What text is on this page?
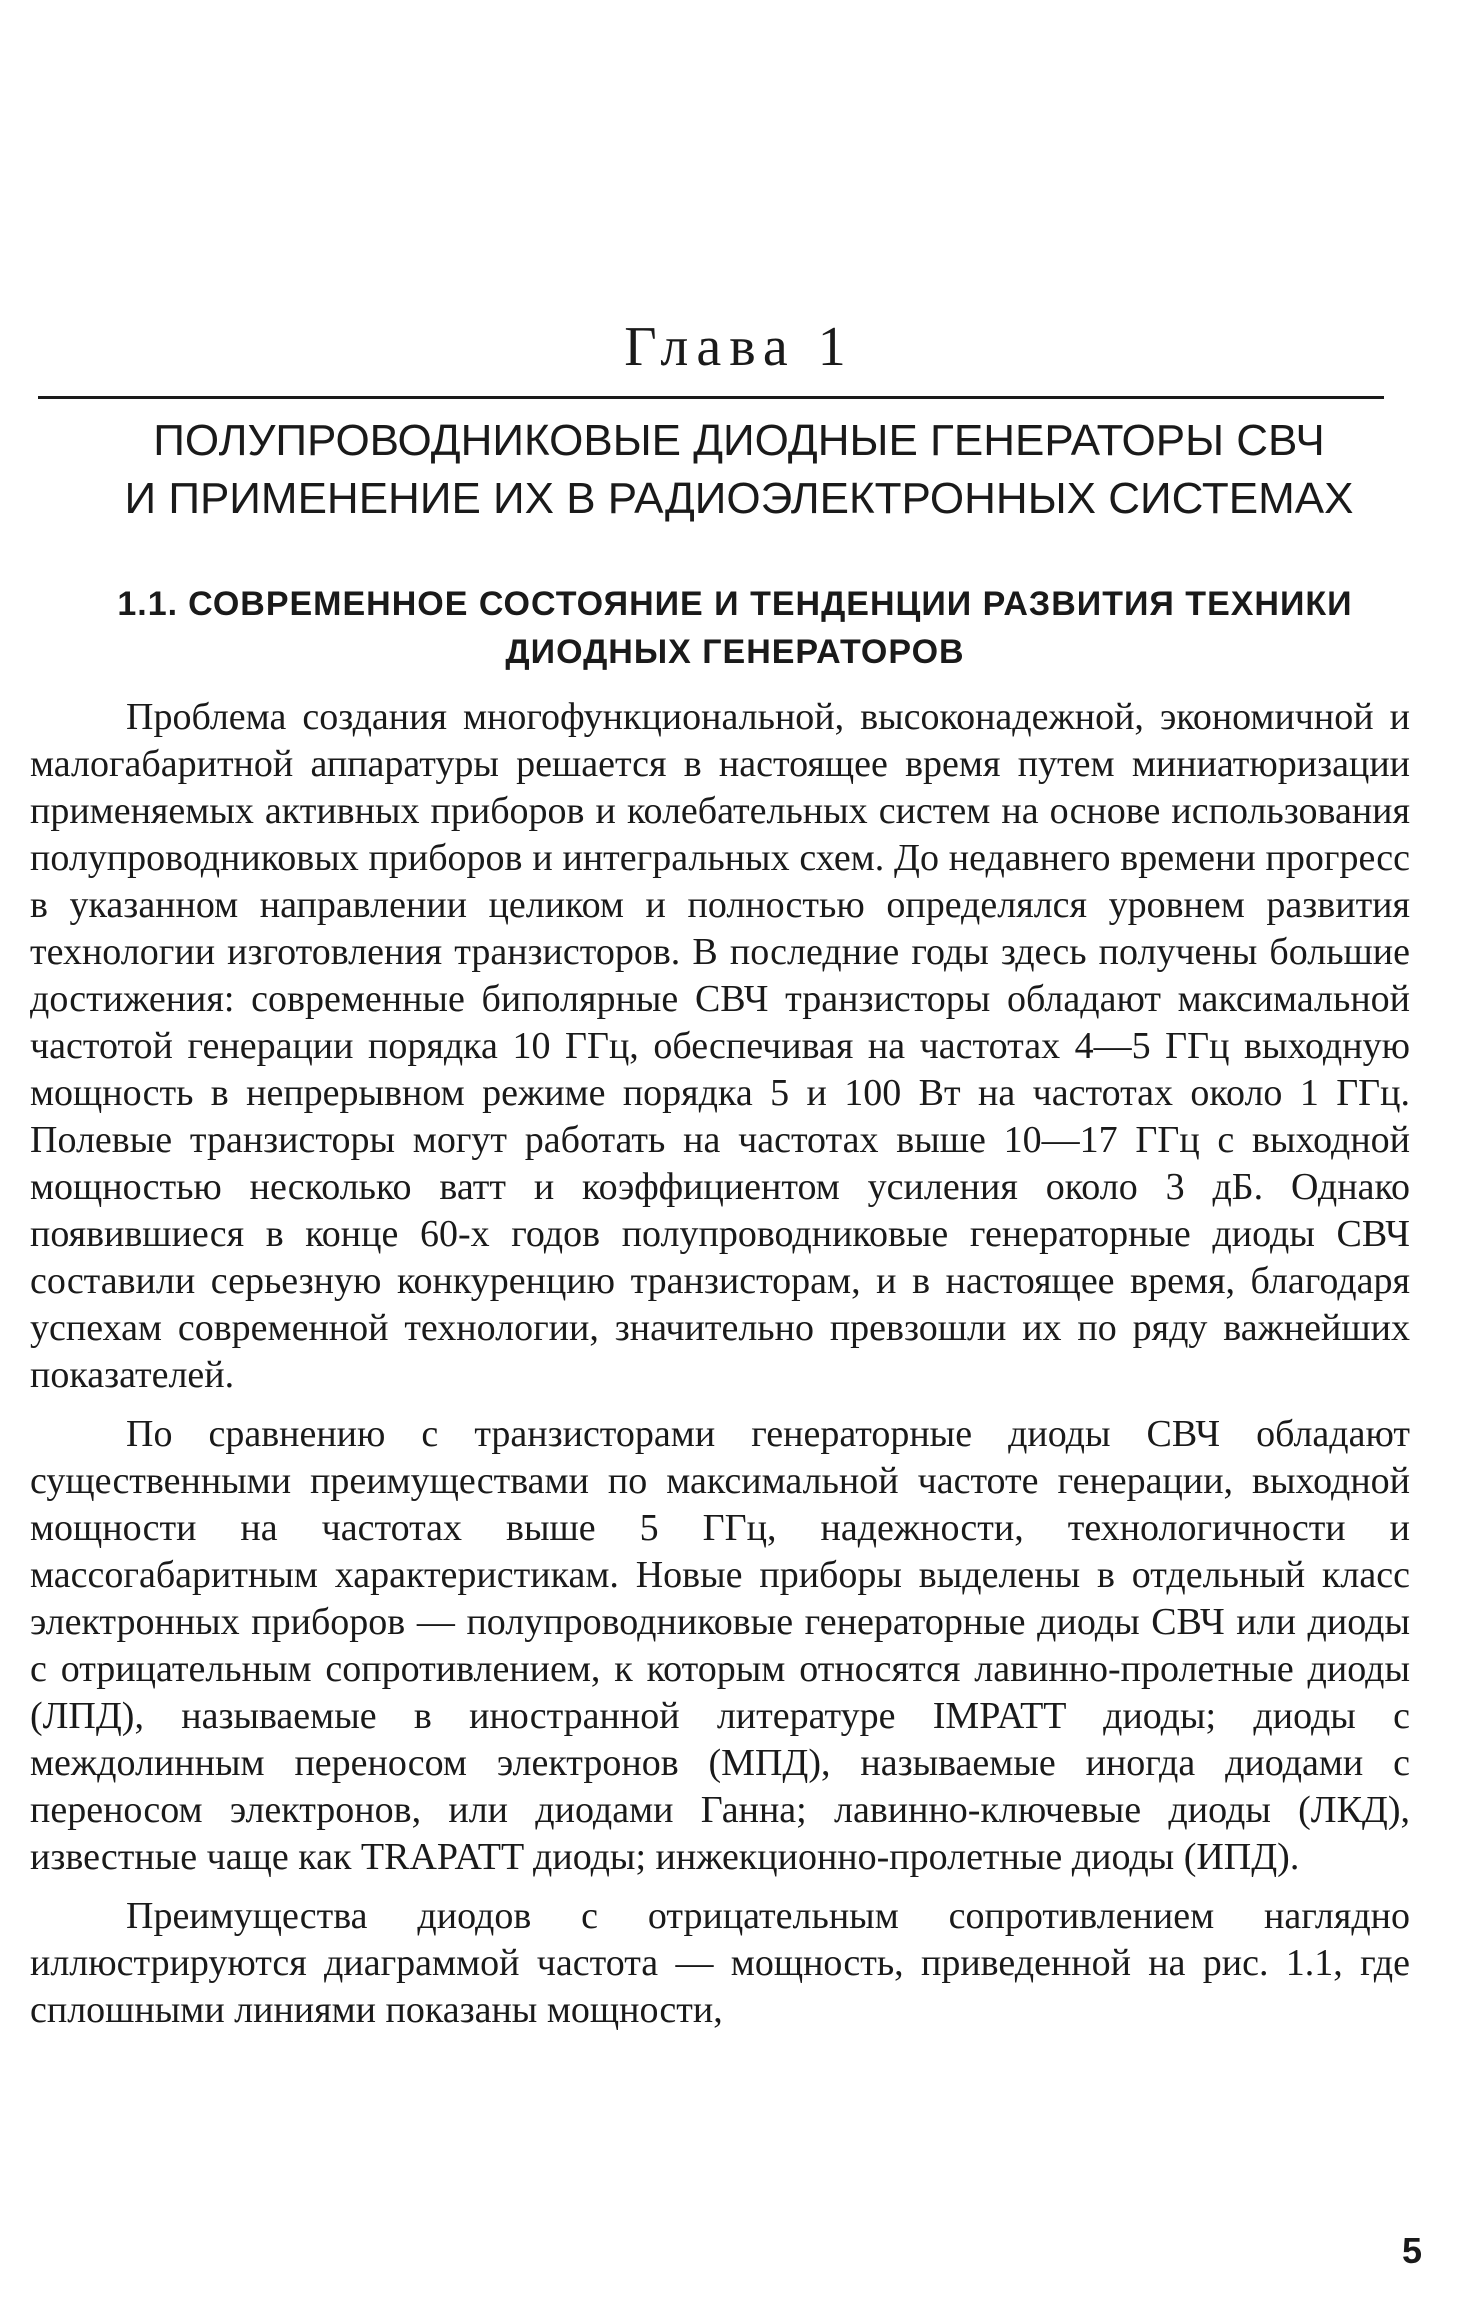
Глава 1
ПОЛУПРОВОДНИКОВЫЕ ДИОДНЫЕ ГЕНЕРАТОРЫ СВЧ
И ПРИМЕНЕНИЕ ИХ В РАДИОЭЛЕКТРОННЫХ СИСТЕМАХ
1.1. СОВРЕМЕННОЕ СОСТОЯНИЕ И ТЕНДЕНЦИИ РАЗВИТИЯ ТЕХНИКИ
ДИОДНЫХ ГЕНЕРАТОРОВ

Проблема создания многофункциональной, высоконадежной, экономичной и малогабаритной аппаратуры решается в настоящее время путем миниатюризации применяемых активных приборов и колебательных систем на основе использования полупроводниковых приборов и интегральных схем. До недавнего времени прогресс в указанном направлении целиком и полностью определялся уровнем развития технологии изготовления транзисторов. В последние годы здесь получены большие достижения: современные биполярные СВЧ транзисторы обладают максимальной частотой генерации порядка 10 ГГц, обеспечивая на частотах 4—5 ГГц выходную мощность в непрерывном режиме порядка 5 и 100 Вт на частотах около 1 ГГц. Полевые транзисторы могут работать на частотах выше 10—17 ГГц с выходной мощностью несколько ватт и коэффициентом усиления около 3 дБ. Однако появившиеся в конце 60-х годов полупроводниковые генераторные диоды СВЧ составили серьезную конкуренцию транзисторам, и в настоящее время, благодаря успехам современной технологии, значительно превзошли их по ряду важнейших показателей.

По сравнению с транзисторами генераторные диоды СВЧ обладают существенными преимуществами по максимальной частоте генерации, выходной мощности на частотах выше 5 ГГц, надежности, технологичности и массогабаритным характеристикам. Новые приборы выделены в отдельный класс электронных приборов — полупроводниковые генераторные диоды СВЧ или диоды с отрицательным сопротивлением, к которым относятся лавинно-пролетные диоды (ЛПД), называемые в иностранной литературе IMPATT диоды; диоды с междолинным переносом электронов (МПД), называемые иногда диодами с переносом электронов, или диодами Ганна; лавинно-ключевые диоды (ЛКД), известные чаще как TRAPATT диоды; инжекционно-пролетные диоды (ИПД).

Преимущества диодов с отрицательным сопротивлением наглядно иллюстрируются диаграммой частота — мощность, приведенной на рис. 1.1, где сплошными линиями показаны мощности,

5
